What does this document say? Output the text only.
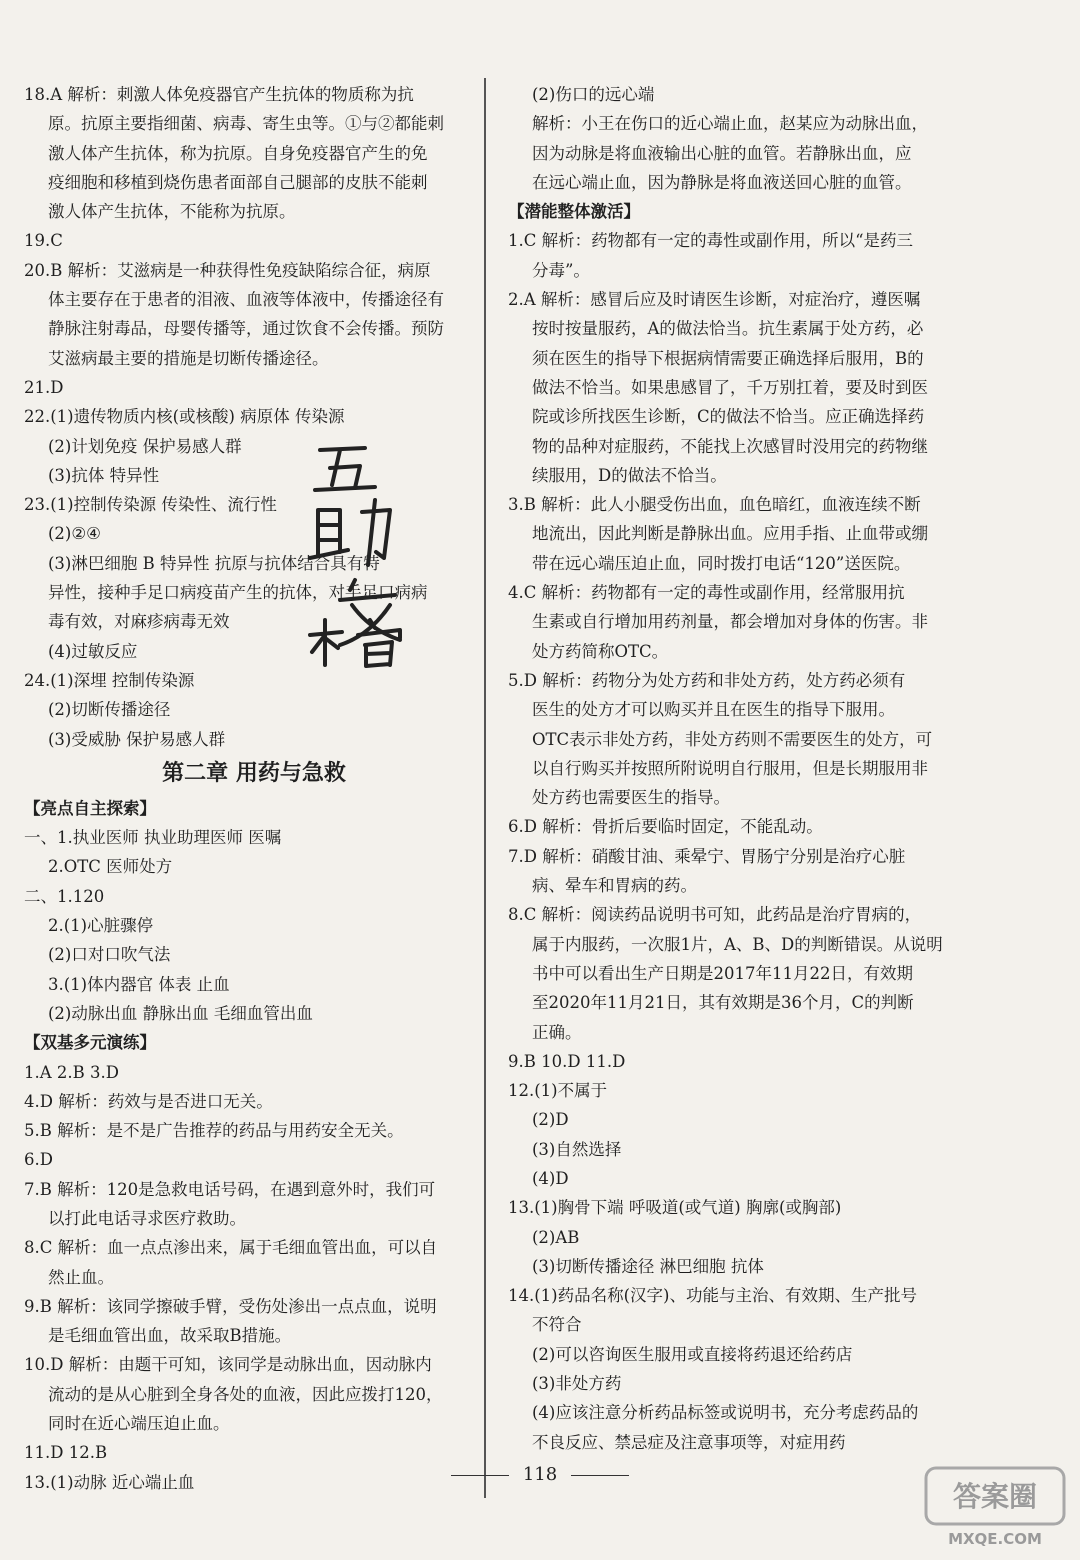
18.A 解析：刺激人体免疫器官产生抗体的物质称为抗
原。抗原主要指细菌、病毒、寄生虫等。①与②都能刺
激人体产生抗体，称为抗原。自身免疫器官产生的免
疫细胞和移植到烧伤患者面部自己腿部的皮肤不能刺
激人体产生抗体，不能称为抗原。
19.C
20.B 解析：艾滋病是一种获得性免疫缺陷综合征，病原
体主要存在于患者的泪液、血液等体液中，传播途径有
静脉注射毒品，母婴传播等，通过饮食不会传播。预防
艾滋病最主要的措施是切断传播途径。
21.D
22.(1)遗传物质内核(或核酸) 病原体 传染源
(2)计划免疫 保护易感人群
(3)抗体 特异性
23.(1)控制传染源 传染性、流行性
(2)②④
(3)淋巴细胞 B 特异性 抗原与抗体结合具有特
异性，接种手足口病疫苗产生的抗体，对手足口病病
毒有效，对麻疹病毒无效
(4)过敏反应
24.(1)深埋 控制传染源
(2)切断传播途径
(3)受威胁 保护易感人群
第二章 用药与急救
【亮点自主探索】
一、1.执业医师 执业助理医师 医嘱
2.OTC 医师处方
二、1.120
2.(1)心脏骤停
(2)口对口吹气法
3.(1)体内器官 体表 止血
(2)动脉出血 静脉出血 毛细血管出血
【双基多元演练】
1.A 2.B 3.D
4.D 解析：药效与是否进口无关。
5.B 解析：是不是广告推荐的药品与用药安全无关。
6.D
7.B 解析：120是急救电话号码，在遇到意外时，我们可
以打此电话寻求医疗救助。
8.C 解析：血一点点渗出来，属于毛细血管出血，可以自
然止血。
9.B 解析：该同学擦破手臂，受伤处渗出一点点血，说明
是毛细血管出血，故采取B措施。
10.D 解析：由题干可知，该同学是动脉出血，因动脉内
流动的是从心脏到全身各处的血液，因此应拨打120，
同时在近心端压迫止血。
11.D 12.B
13.(1)动脉 近心端止血
(2)伤口的远心端
解析：小王在伤口的近心端止血，赵某应为动脉出血，
因为动脉是将血液输出心脏的血管。若静脉出血，应
在远心端止血，因为静脉是将血液送回心脏的血管。
【潜能整体激活】
1.C 解析：药物都有一定的毒性或副作用，所以“是药三
分毒”。
2.A 解析：感冒后应及时请医生诊断，对症治疗，遵医嘱
按时按量服药，A的做法恰当。抗生素属于处方药，必
须在医生的指导下根据病情需要正确选择后服用，B的
做法不恰当。如果患感冒了，千万别扛着，要及时到医
院或诊所找医生诊断，C的做法不恰当。应正确选择药
物的品种对症服药，不能找上次感冒时没用完的药物继
续服用，D的做法不恰当。
3.B 解析：此人小腿受伤出血，血色暗红，血液连续不断
地流出，因此判断是静脉出血。应用手指、止血带或绷
带在远心端压迫止血，同时拨打电话“120”送医院。
4.C 解析：药物都有一定的毒性或副作用，经常服用抗
生素或自行增加用药剂量，都会增加对身体的伤害。非
处方药简称OTC。
5.D 解析：药物分为处方药和非处方药，处方药必须有
医生的处方才可以购买并且在医生的指导下服用。
OTC表示非处方药，非处方药则不需要医生的处方，可
以自行购买并按照所附说明自行服用，但是长期服用非
处方药也需要医生的指导。
6.D 解析：骨折后要临时固定，不能乱动。
7.D 解析：硝酸甘油、乘晕宁、胃肠宁分别是治疗心脏
病、晕车和胃病的药。
8.C 解析：阅读药品说明书可知，此药品是治疗胃病的，
属于内服药，一次服1片，A、B、D的判断错误。从说明
书中可以看出生产日期是2017年11月22日，有效期
至2020年11月21日，其有效期是36个月，C的判断
正确。
9.B 10.D 11.D
12.(1)不属于
(2)D
(3)自然选择
(4)D
13.(1)胸骨下端 呼吸道(或气道) 胸廓(或胸部)
(2)AB
(3)切断传播途径 淋巴细胞 抗体
14.(1)药品名称(汉字)、功能与主治、有效期、生产批号
不符合
(2)可以咨询医生服用或直接将药退还给药店
(3)非处方药
(4)应该注意分析药品标签或说明书，充分考虑药品的
不良反应、禁忌症及注意事项等，对症用药
118
答案圈
MXQE.COM
